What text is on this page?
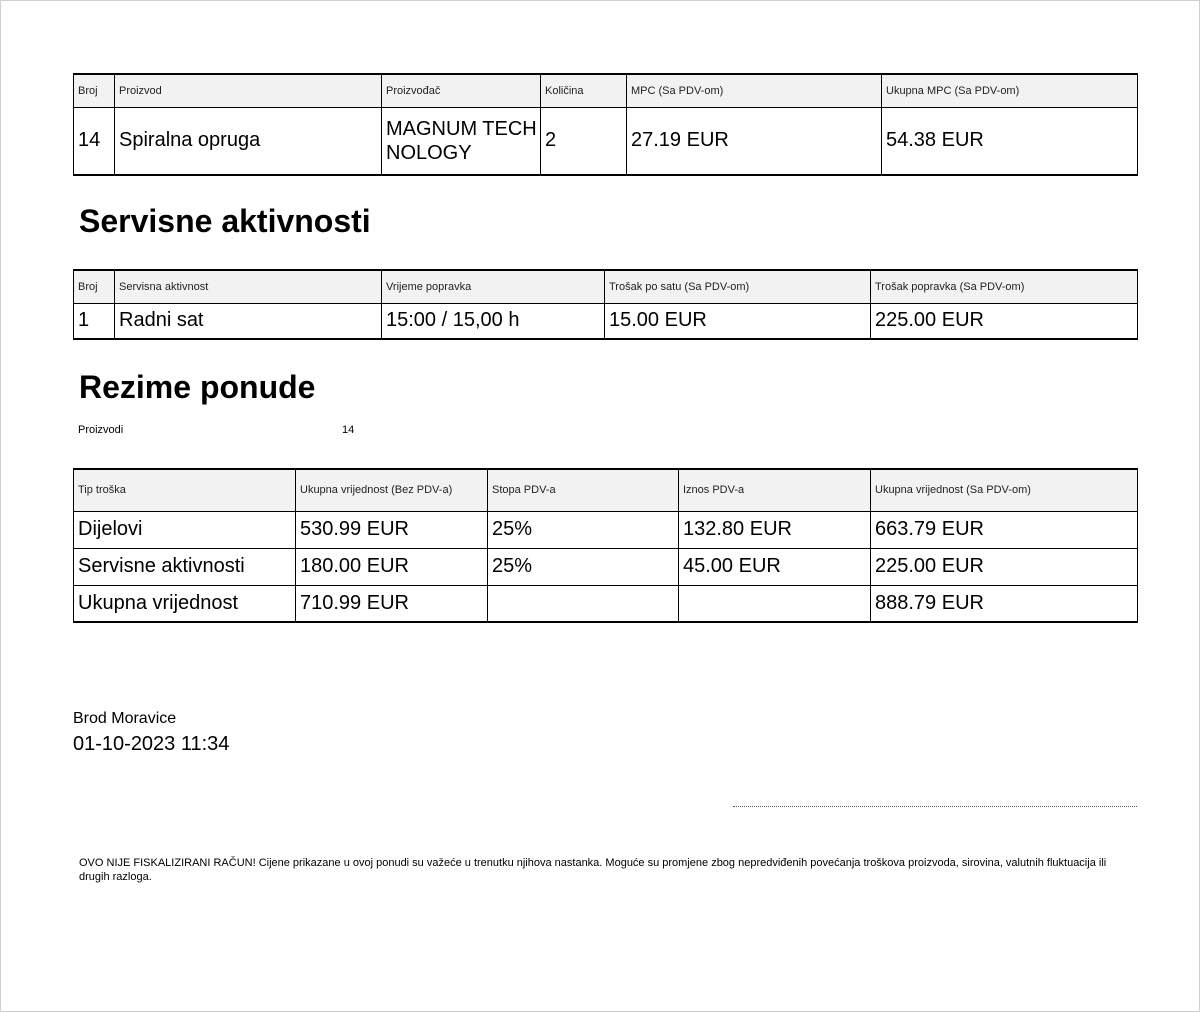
Broj	Proizvod	Proizvođač	Količina	MPC (Sa PDV-om)	Ukupna MPC (Sa PDV-om)
14	Spiralna opruga	MAGNUM TECHNOLOGY	2	27.19 EUR	54.38 EUR
Servisne aktivnosti
Broj	Servisna aktivnost	Vrijeme popravka	Trošak po satu (Sa PDV-om)	Trošak popravka (Sa PDV-om)
1	Radni sat	15:00 / 15,00 h	15.00 EUR	225.00 EUR
Rezime ponude
Proizvodi	14
Tip troška	Ukupna vrijednost (Bez PDV-a)	Stopa PDV-a	Iznos PDV-a	Ukupna vrijednost (Sa PDV-om)
Dijelovi	530.99 EUR	25%	132.80 EUR	663.79 EUR
Servisne aktivnosti	180.00 EUR	25%	45.00 EUR	225.00 EUR
Ukupna vrijednost	710.99 EUR			888.79 EUR
Brod Moravice
01-10-2023 11:34
OVO NIJE FISKALIZIRANI RAČUN! Cijene prikazane u ovoj ponudi su važeće u trenutku njihova nastanka. Moguće su promjene zbog nepredviđenih povećanja troškova proizvoda, sirovina, valutnih fluktuacija ili drugih razloga.
